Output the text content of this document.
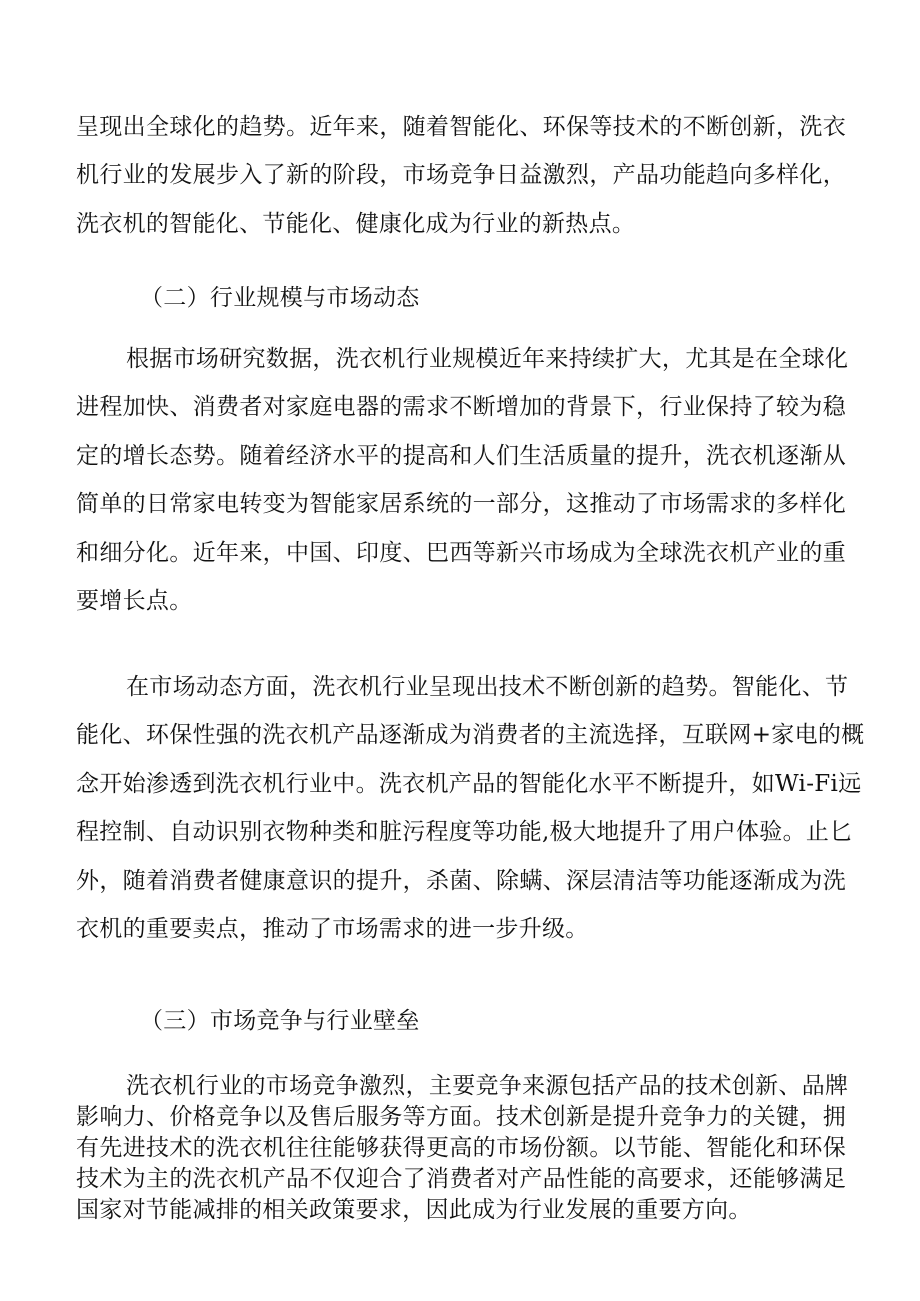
呈现出全球化的趋势。近年来，随着智能化、环保等技术的不断创新，洗衣
机行业的发展步入了新的阶段，市场竞争日益激烈，产品功能趋向多样化，
洗衣机的智能化、节能化、健康化成为行业的新热点。
（二）行业规模与市场动态
根据市场研究数据，洗衣机行业规模近年来持续扩大，尤其是在全球化
进程加快、消费者对家庭电器的需求不断增加的背景下，行业保持了较为稳
定的增长态势。随着经济水平的提高和人们生活质量的提升，洗衣机逐渐从
简单的日常家电转变为智能家居系统的一部分，这推动了市场需求的多样化
和细分化。近年来，中国、印度、巴西等新兴市场成为全球洗衣机产业的重
要增长点。
在市场动态方面，洗衣机行业呈现出技术不断创新的趋势。智能化、节
能化、环保性强的洗衣机产品逐渐成为消费者的主流选择，互联网+家电的概
念开始渗透到洗衣机行业中。洗衣机产品的智能化水平不断提升，如Wi-Fi远
程控制、自动识别衣物种类和脏污程度等功能,极大地提升了用户体验。止匕
外，随着消费者健康意识的提升，杀菌、除螨、深层清洁等功能逐渐成为洗
衣机的重要卖点，推动了市场需求的进一步升级。
（三）市场竞争与行业壁垒
洗衣机行业的市场竞争激烈，主要竞争来源包括产品的技术创新、品牌
影响力、价格竞争以及售后服务等方面。技术创新是提升竞争力的关键，拥
有先进技术的洗衣机往往能够获得更高的市场份额。以节能、智能化和环保
技术为主的洗衣机产品不仅迎合了消费者对产品性能的高要求，还能够满足
国家对节能减排的相关政策要求，因此成为行业发展的重要方向。
